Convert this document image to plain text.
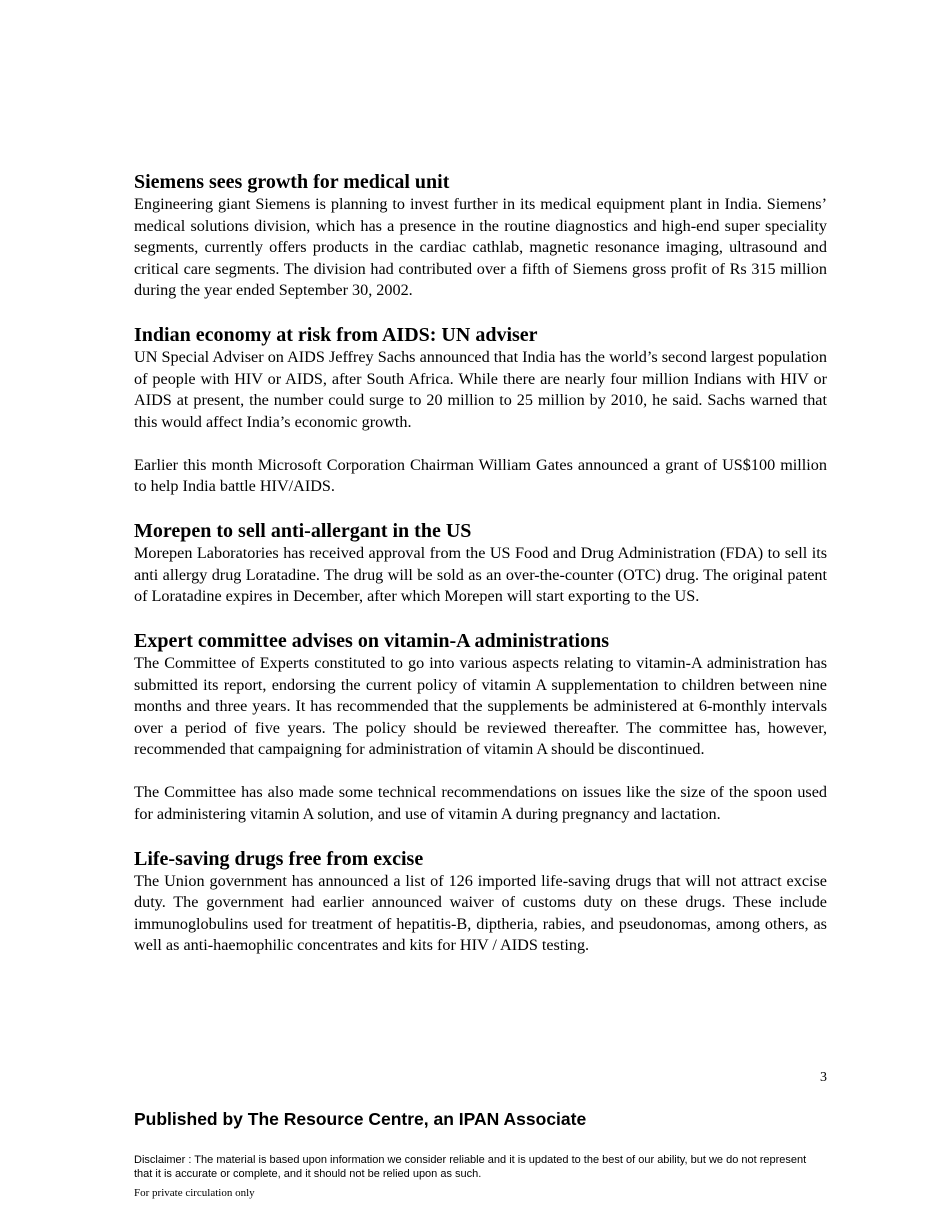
Siemens sees growth for medical unit

Engineering giant Siemens is planning to invest further in its medical equipment plant in India. Siemens’ medical solutions division, which has a presence in the routine diagnostics and high-end super speciality segments, currently offers products in the cardiac cathlab, magnetic resonance imaging, ultrasound and critical care segments. The division had contributed over a fifth of Siemens gross profit of Rs 315 million during the year ended September 30, 2002.

Indian economy at risk from AIDS: UN adviser

UN Special Adviser on AIDS Jeffrey Sachs announced that India has the world’s second largest population of people with HIV or AIDS, after South Africa. While there are nearly four million Indians with HIV or AIDS at present, the number could surge to 20 million to 25 million by 2010, he said. Sachs warned that this would affect India’s economic growth.

Earlier this month Microsoft Corporation Chairman William Gates announced a grant of US$100 million to help India battle HIV/AIDS.

Morepen to sell anti-allergant in the US

Morepen Laboratories has received approval from the US Food and Drug Administration (FDA) to sell its anti allergy drug Loratadine. The drug will be sold as an over-the-counter (OTC) drug. The original patent of Loratadine expires in December, after which Morepen will start exporting to the US.

Expert committee advises on vitamin-A administrations

The Committee of Experts constituted to go into various aspects relating to vitamin-A administration has submitted its report, endorsing the current policy of vitamin A supplementation to children between nine months and three years. It has recommended that the supplements be administered at 6-monthly intervals over a period of five years. The policy should be reviewed thereafter. The committee has, however, recommended that campaigning for administration of vitamin A should be discontinued.

The Committee has also made some technical recommendations on issues like the size of the spoon used for administering vitamin A solution, and use of vitamin A during pregnancy and lactation.

Life-saving drugs free from excise

The Union government has announced a list of 126 imported life-saving drugs that will not attract excise duty. The government had earlier announced waiver of customs duty on these drugs. These include immunoglobulins used for treatment of hepatitis-B, diptheria, rabies, and pseudonomas, among others, as well as anti-haemophilic concentrates and kits for HIV / AIDS testing.

3
Published by The Resource Centre, an IPAN Associate
Disclaimer : The material is based upon information we consider reliable and it is updated to the best of our ability, but we do not represent that it is accurate or complete, and it should not be relied upon as such.
For private circulation only
